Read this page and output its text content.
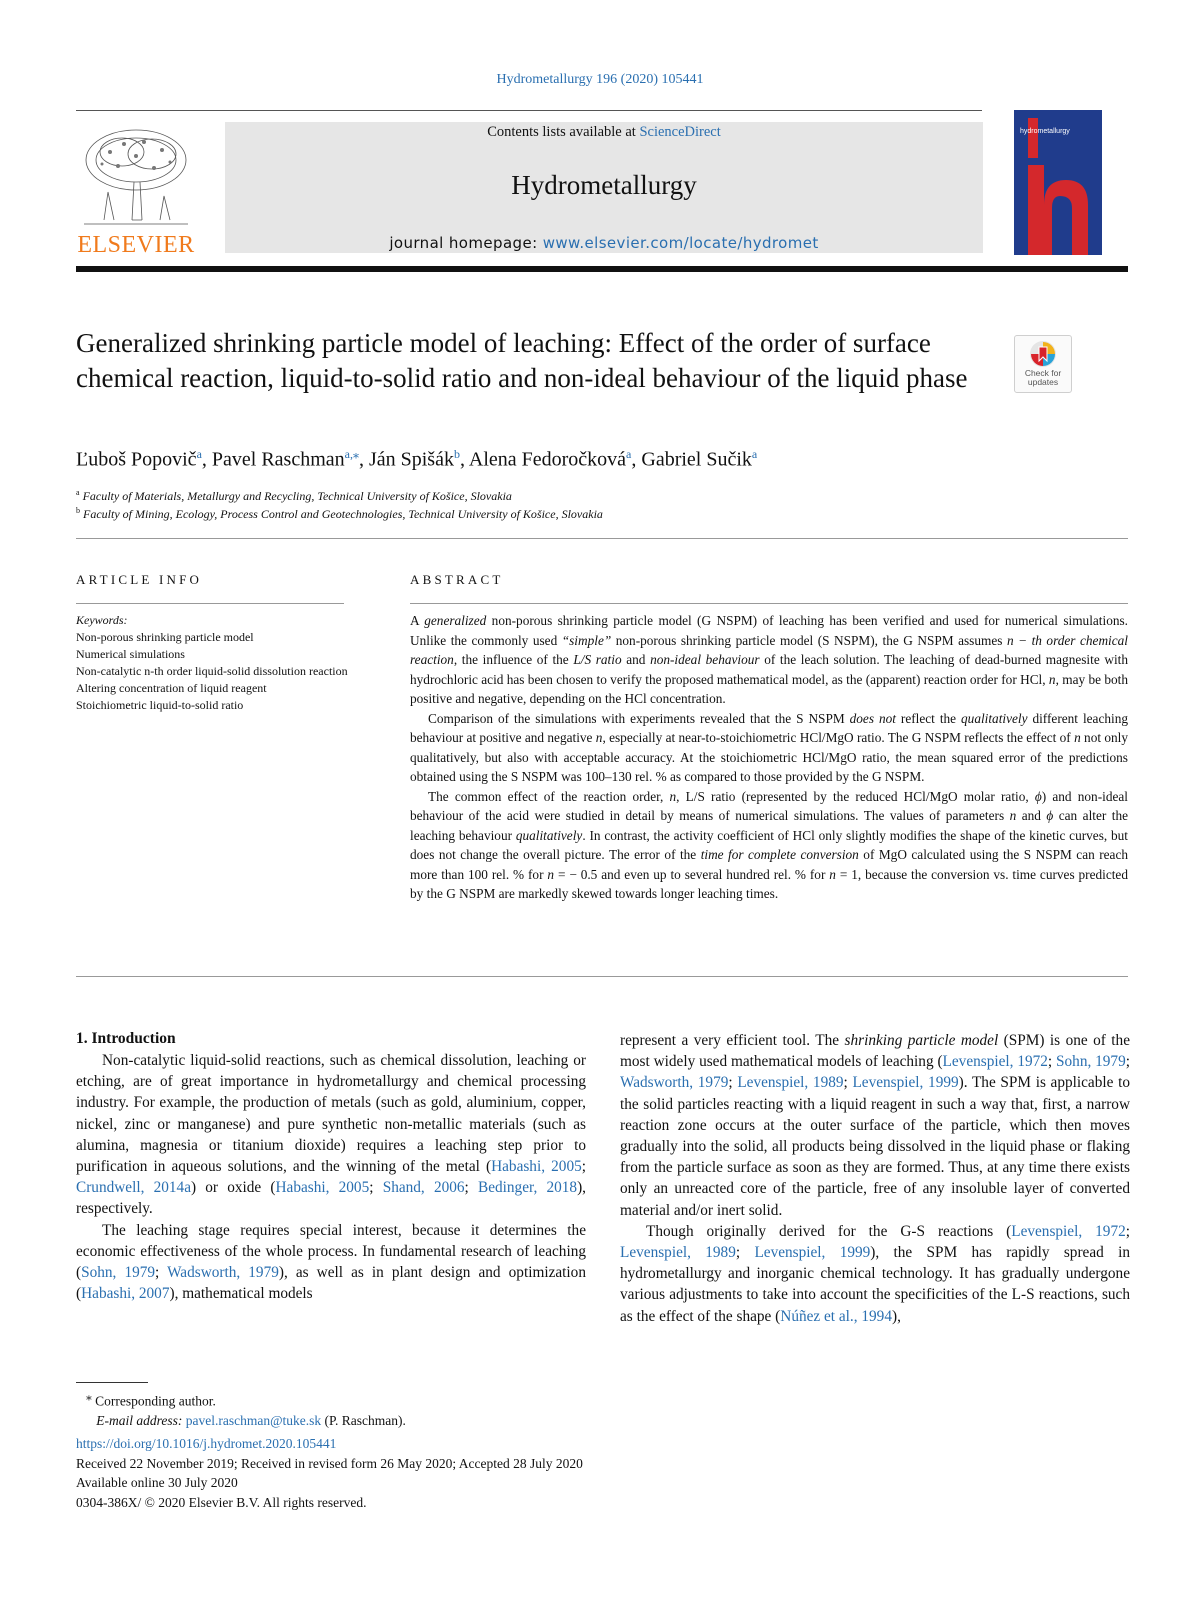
Hydrometallurgy 196 (2020) 105441
ELSEVIER
Contents lists available at ScienceDirect
Hydrometallurgy
journal homepage: www.elsevier.com/locate/hydromet
hydrometallurgy
Generalized shrinking particle model of leaching: Effect of the order of surface chemical reaction, liquid-to-solid ratio and non-ideal behaviour of the liquid phase	Check for updates
Ľuboš Popovič$^a$, Pavel Raschman$^{a,⁎}$, Ján Spišák$^b$, Alena Fedoročková$^a$, Gabriel Sučik$^a$
$^a$ Faculty of Materials, Metallurgy and Recycling, Technical University of Košice, Slovakia
$^b$ Faculty of Mining, Ecology, Process Control and Geotechnologies, Technical University of Košice, Slovakia
ARTICLE INFO
Keywords:
Non-porous shrinking particle model
Numerical simulations
Non-catalytic n-th order liquid-solid dissolution reaction
Altering concentration of liquid reagent
Stoichiometric liquid-to-solid ratio
ABSTRACT

A generalized non-porous shrinking particle model (G NSPM) of leaching has been verified and used for numerical simulations. Unlike the commonly used “simple” non-porous shrinking particle model (S NSPM), the G NSPM assumes n − th order chemical reaction, the influence of the L/S ratio and non-ideal behaviour of the leach solution. The leaching of dead-burned magnesite with hydrochloric acid has been chosen to verify the proposed mathematical model, as the (apparent) reaction order for HCl, n, may be both positive and negative, depending on the HCl concentration.

Comparison of the simulations with experiments revealed that the S NSPM does not reflect the qualitatively different leaching behaviour at positive and negative n, especially at near-to-stoichiometric HCl/MgO ratio. The G NSPM reflects the effect of n not only qualitatively, but also with acceptable accuracy. At the stoichiometric HCl/MgO ratio, the mean squared error of the predictions obtained using the S NSPM was 100–130 rel. % as compared to those provided by the G NSPM.

The common effect of the reaction order, n, L/S ratio (represented by the reduced HCl/MgO molar ratio, ϕ) and non-ideal behaviour of the acid were studied in detail by means of numerical simulations. The values of parameters n and ϕ can alter the leaching behaviour qualitatively. In contrast, the activity coefficient of HCl only slightly modifies the shape of the kinetic curves, but does not change the overall picture. The error of the time for complete conversion of MgO calculated using the S NSPM can reach more than 100 rel. % for n = − 0.5 and even up to several hundred rel. % for n = 1, because the conversion vs. time curves predicted by the G NSPM are markedly skewed towards longer leaching times.

1. Introduction

Non-catalytic liquid-solid reactions, such as chemical dissolution, leaching or etching, are of great importance in hydrometallurgy and chemical processing industry. For example, the production of metals (such as gold, aluminium, copper, nickel, zinc or manganese) and pure synthetic non-metallic materials (such as alumina, magnesia or titanium dioxide) requires a leaching step prior to purification in aqueous solutions, and the winning of the metal (Habashi, 2005; Crundwell, 2014a) or oxide (Habashi, 2005; Shand, 2006; Bedinger, 2018), respectively.

The leaching stage requires special interest, because it determines the economic effectiveness of the whole process. In fundamental research of leaching (Sohn, 1979; Wadsworth, 1979), as well as in plant design and optimization (Habashi, 2007), mathematical models

represent a very efficient tool. The shrinking particle model (SPM) is one of the most widely used mathematical models of leaching (Levenspiel, 1972; Sohn, 1979; Wadsworth, 1979; Levenspiel, 1989; Levenspiel, 1999). The SPM is applicable to the solid particles reacting with a liquid reagent in such a way that, first, a narrow reaction zone occurs at the outer surface of the particle, which then moves gradually into the solid, all products being dissolved in the liquid phase or flaking from the particle surface as soon as they are formed. Thus, at any time there exists only an unreacted core of the particle, free of any insoluble layer of converted material and/or inert solid.

Though originally derived for the G-S reactions (Levenspiel, 1972; Levenspiel, 1989; Levenspiel, 1999), the SPM has rapidly spread in hydrometallurgy and inorganic chemical technology. It has gradually undergone various adjustments to take into account the specificities of the L-S reactions, such as the effect of the shape (Núñez et al., 1994),

⁎ Corresponding author.
E-mail address: pavel.raschman@tuke.sk (P. Raschman).
https://doi.org/10.1016/j.hydromet.2020.105441
Received 22 November 2019; Received in revised form 26 May 2020; Accepted 28 July 2020
Available online 30 July 2020
0304-386X/ © 2020 Elsevier B.V. All rights reserved.
